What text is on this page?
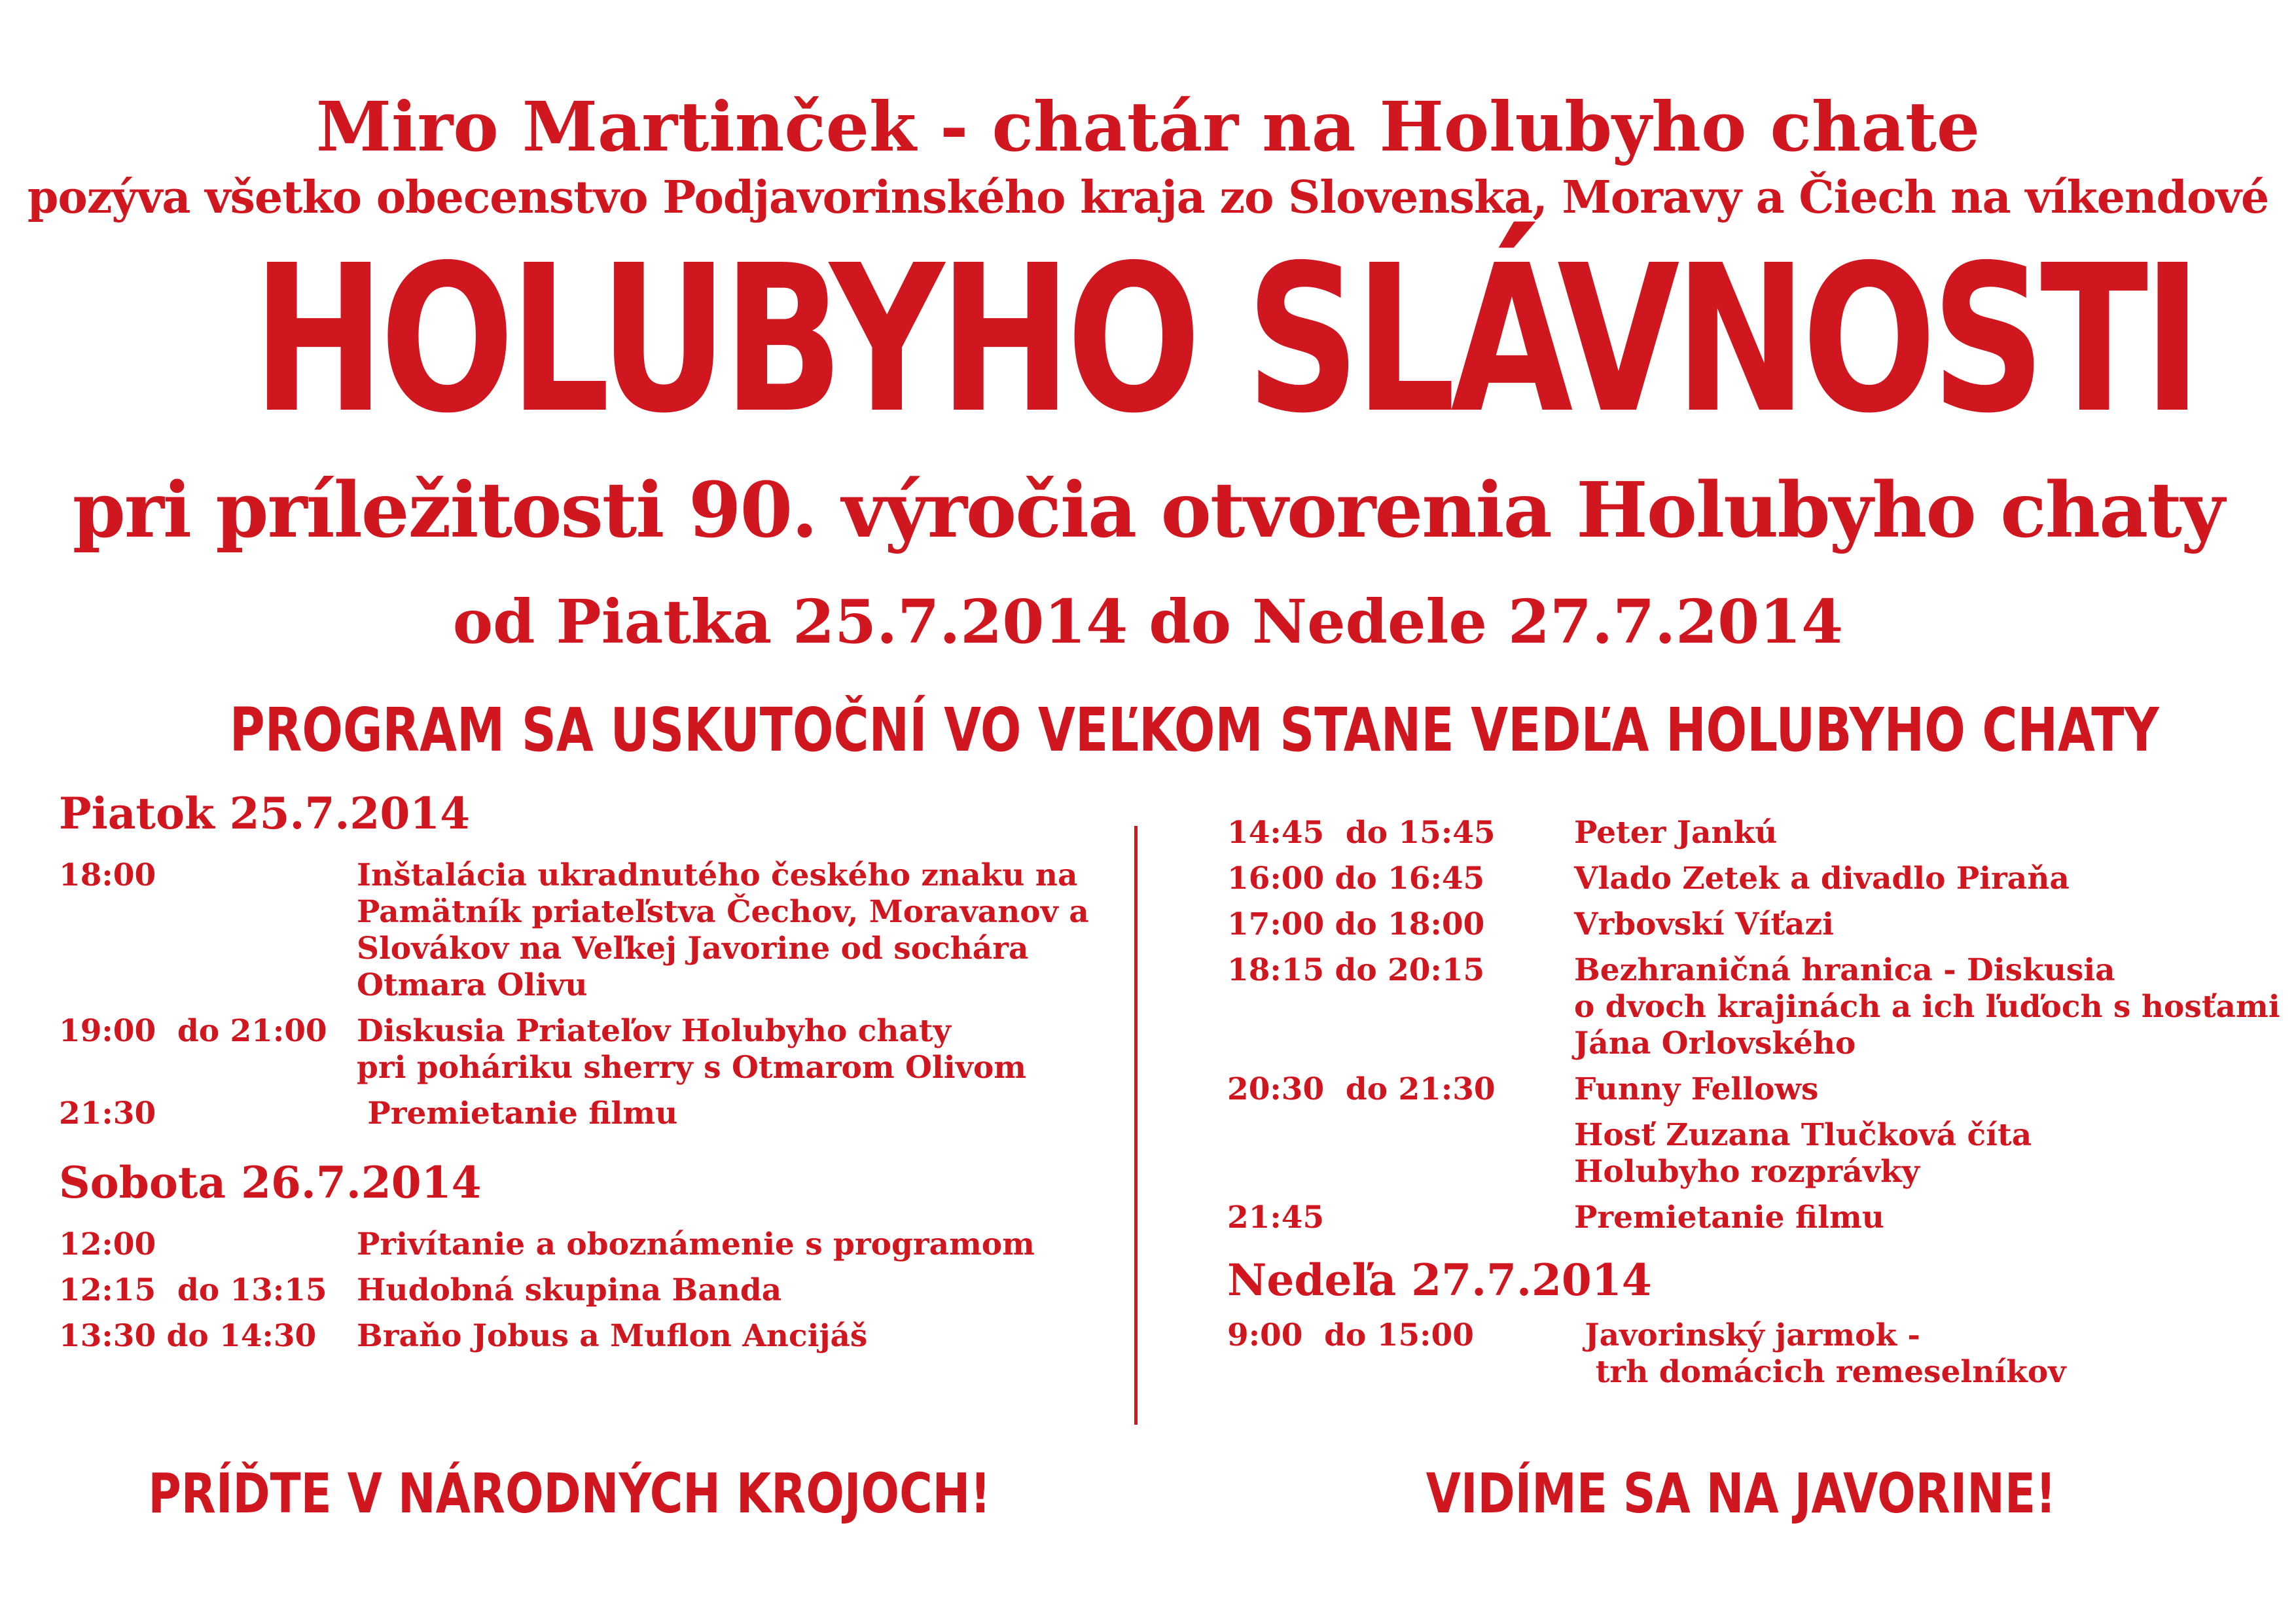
Miro Martinček - chatár na Holubyho chate
pozýva všetko obecenstvo Podjavorinského kraja zo Slovenska, Moravy a Čiech na víkendové
HOLUBYHO SLÁVNOSTI
pri príležitosti 90. výročia otvorenia Holubyho chaty
od Piatka 25.7.2014 do Nedele 27.7.2014
PROGRAM SA USKUTOČNÍ VO VEĽKOM STANE VEDĽA HOLUBYHO CHATY
Piatok 25.7.2014
18:00	Inštalácia ukradnutého českého znaku na
Pamätník priateľstva Čechov, Moravanov a
Slovákov na Veľkej Javorine od sochára
Otmara Olivu
19:00  do 21:00 Diskusia Priateľov Holubyho chaty
pri poháriku sherry s Otmarom Olivom
21:30	Premietanie filmu
Sobota 26.7.2014
12:00	Privítanie a oboznámenie s programom
12:15  do 13:15 Hudobná skupina Banda
13:30 do 14:30 Braňo Jobus a Muflon Ancijáš
14:45  do 15:45	Peter Jankú
16:00 do 16:45	Vlado Zetek a divadlo Piraňa
17:00 do 18:00	Vrbovskí Víťazi
18:15 do 20:15	Bezhraničná hranica - Diskusia
o dvoch krajinách a ich ľuďoch s hosťami
Jána Orlovského
20:30  do 21:30	Funny Fellows
Hosť Zuzana Tlučková číta
Holubyho rozprávky
21:45	Premietanie filmu
Nedeľa 27.7.2014
9:00  do 15:00	Javorinský jarmok -
trh domácich remeselníkov
PRÍĎTE V NÁRODNÝCH KROJOCH!	VIDÍME SA NA JAVORINE!
